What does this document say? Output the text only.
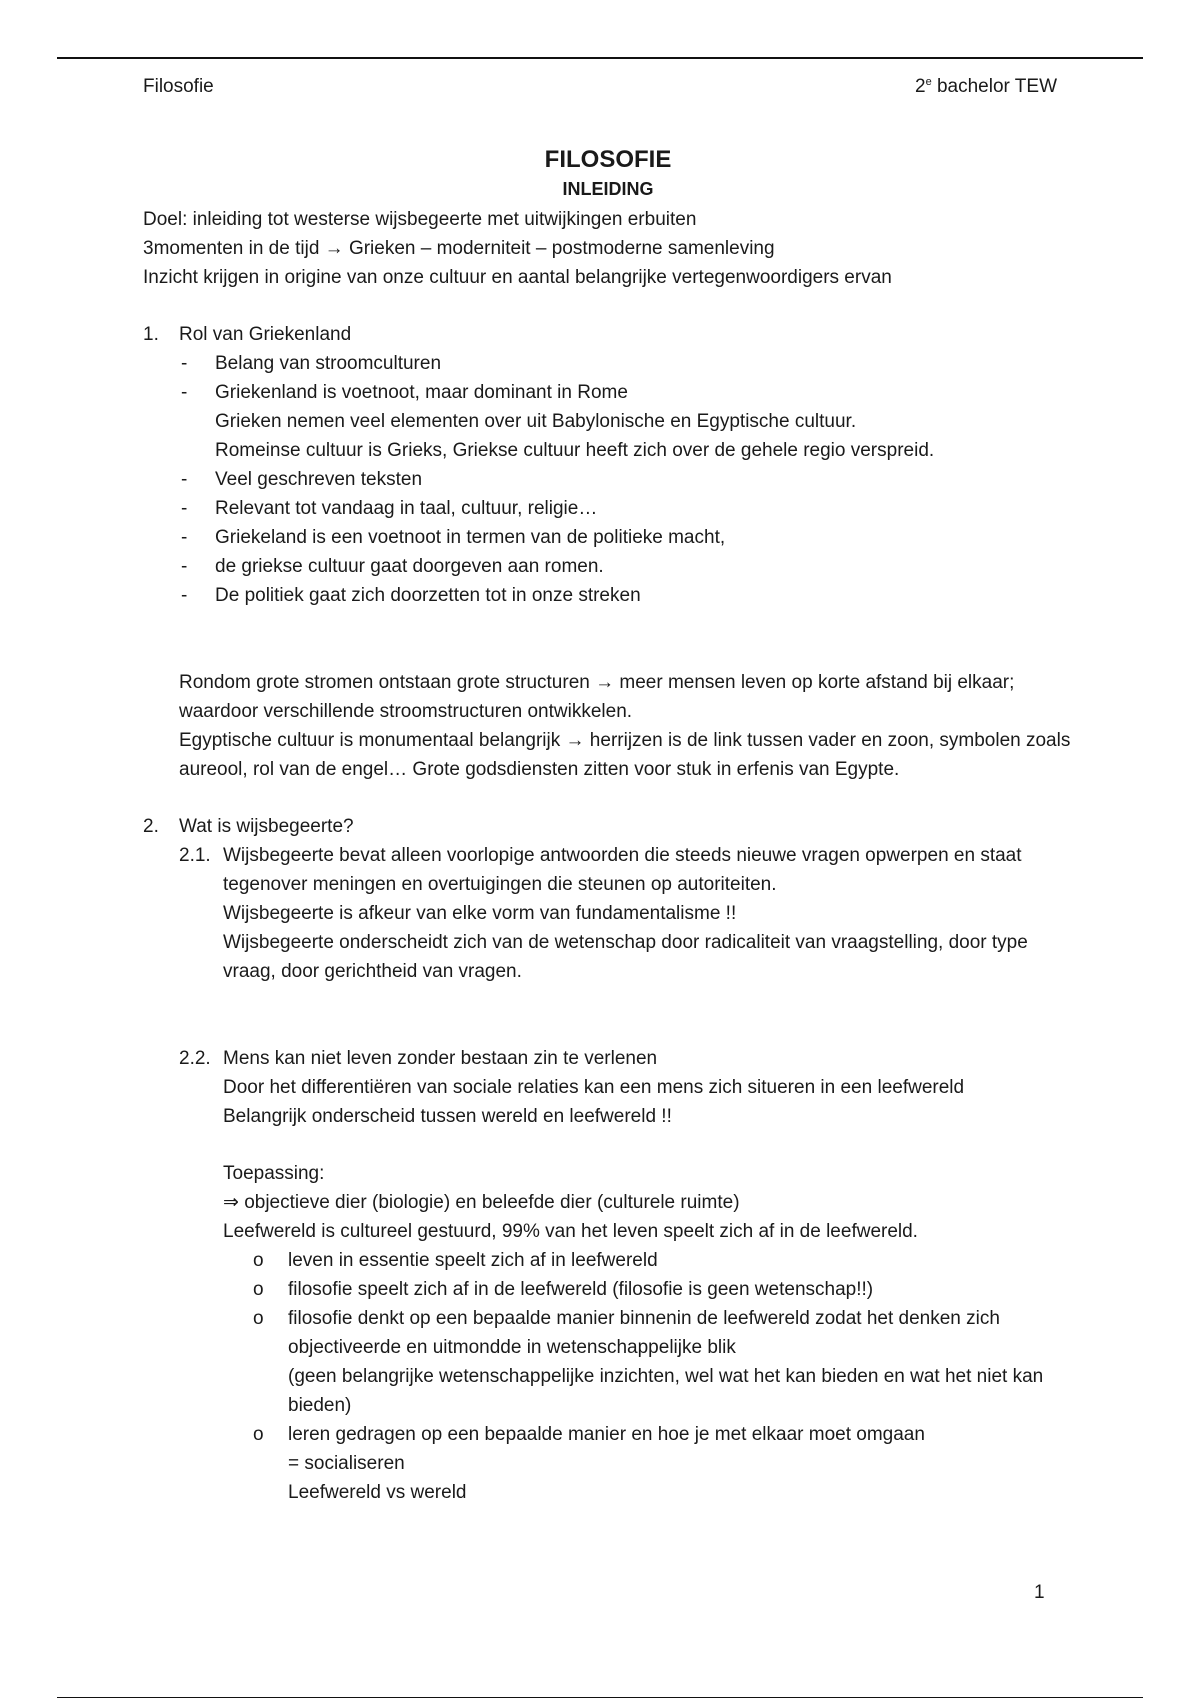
Filosofie	2e bachelor TEW
FILOSOFIE
INLEIDING

Doel: inleiding tot westerse wijsbegeerte met uitwijkingen erbuiten

3momenten in de tijd → Grieken – moderniteit – postmoderne samenleving

Inzicht krijgen in origine van onze cultuur en aantal belangrijke vertegenwoordigers ervan

1. Rol van Griekenland
- Belang van stroomculturen
- Griekenland is voetnoot, maar dominant in Rome
Grieken nemen veel elementen over uit Babylonische en Egyptische cultuur.
Romeinse cultuur is Grieks, Griekse cultuur heeft zich over de gehele regio verspreid.
- Veel geschreven teksten
- Relevant tot vandaag in taal, cultuur, religie…
- Griekeland is een voetnoot in termen van de politieke macht,
- de griekse cultuur gaat doorgeven aan romen.
- De politiek gaat zich doorzetten tot in onze streken

Rondom grote stromen ontstaan grote structuren → meer mensen leven op korte afstand bij elkaar; waardoor verschillende stroomstructuren ontwikkelen.

Egyptische cultuur is monumentaal belangrijk → herrijzen is de link tussen vader en zoon, symbolen zoals aureool, rol van de engel… Grote godsdiensten zitten voor stuk in erfenis van Egypte.

2. Wat is wijsbegeerte?
2.1. Wijsbegeerte bevat alleen voorlopige antwoorden die steeds nieuwe vragen opwerpen en staat tegenover meningen en overtuigingen die steunen op autoriteiten.

Wijsbegeerte is afkeur van elke vorm van fundamentalisme !!

Wijsbegeerte onderscheidt zich van de wetenschap door radicaliteit van vraagstelling, door type vraag, door gerichtheid van vragen.

2.2. Mens kan niet leven zonder bestaan zin te verlenen

Door het differentiëren van sociale relaties kan een mens zich situeren in een leefwereld

Belangrijk onderscheid tussen wereld en leefwereld !!

Toepassing:

⇒ objectieve dier (biologie) en beleefde dier (culturele ruimte)

Leefwereld is cultureel gestuurd, 99% van het leven speelt zich af in de leefwereld.

o leven in essentie speelt zich af in leefwereld
o filosofie speelt zich af in de leefwereld (filosofie is geen wetenschap!!)
o filosofie denkt op een bepaalde manier binnenin de leefwereld zodat het denken zich objectiveerde en uitmondde in wetenschappelijke blik
(geen belangrijke wetenschappelijke inzichten, wel wat het kan bieden en wat het niet kan bieden)
o leren gedragen op een bepaalde manier en hoe je met elkaar moet omgaan
= socialiseren
Leefwereld vs wereld
1
